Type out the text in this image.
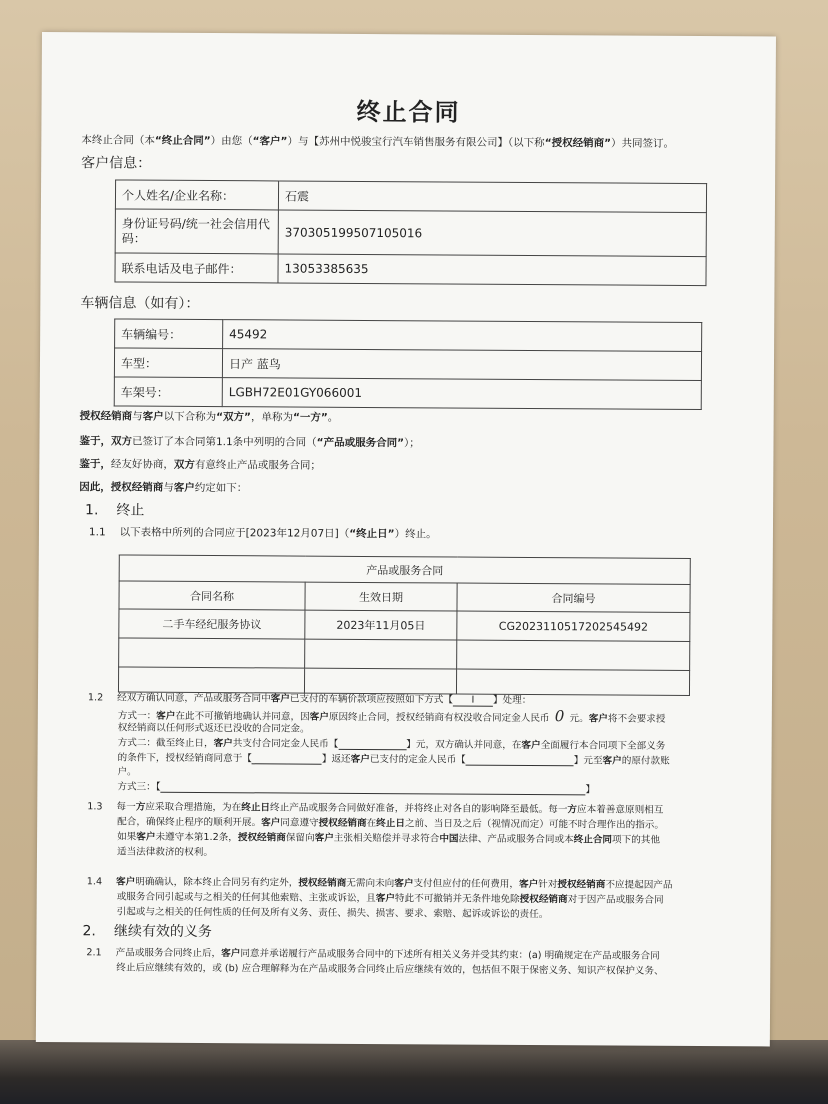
终止合同
本终止合同（本“终止合同”）由您（“客户”）与【苏州中悦骏宝行汽车销售服务有限公司】（以下称“授权经销商”）共同签订。
客户信息：
个人姓名/企业名称：	石震
身份证号码/统一社会信用代码：	370305199507105016
联系电话及电子邮件：	13053385635
车辆信息（如有）：
车辆编号：	45492
车型：	日产 蓝鸟
车架号：	LGBH72E01GY066001
授权经销商与客户以下合称为“双方”，单称为“一方”。
鉴于，双方已签订了本合同第1.1条中列明的合同（“产品或服务合同”）；
鉴于，经友好协商，双方有意终止产品或服务合同；
因此，授权经销商与客户约定如下：
1. 终止
1.1 以下表格中所列的合同应于[2023年12月07日]（“终止日”）终止。
产品或服务合同		
合同名称	生效日期	合同编号
二手车经纪服务协议	2023年11月05日	CG2023110517202545492

1.2 经双方确认同意，产品或服务合同中客户已支付的车辆价款项应按照如下方式【 I 】处理：
方式一：客户在此不可撤销地确认并同意，因客户原因终止合同，授权经销商有权没收合同定金人民币 0 元。客户将不会要求授
权经销商以任何形式返还已没收的合同定金。
方式二：截至终止日，客户共支付合同定金人民币【	】元，双方确认并同意，在客户全面履行本合同项下全部义务
的条件下，授权经销商同意于【	】返还客户已支付的定金人民币【	】元至客户的原付款账
户。
方式三：【	】
1.3 每一方应采取合理措施，为在终止日终止产品或服务合同做好准备，并将终止对各自的影响降至最低。每一方应本着善意原则相互
配合，确保终止程序的顺利开展。客户同意遵守授权经销商在终止日之前、当日及之后（视情况而定）可能不时合理作出的指示。
如果客户未遵守本第1.2条，授权经销商保留向客户主张相关赔偿并寻求符合中国法律、产品或服务合同或本终止合同项下的其他
适当法律救济的权利。
1.4 客户明确确认，除本终止合同另有约定外，授权经销商无需向未向客户支付但应付的任何费用，客户针对授权经销商不应提起因产品
或服务合同引起或与之相关的任何其他索赔、主张或诉讼，且客户特此不可撤销并无条件地免除授权经销商对于因产品或服务合同
引起或与之相关的任何性质的任何及所有义务、责任、损失、损害、要求、索赔、起诉或诉讼的责任。
2. 继续有效的义务
2.1 产品或服务合同终止后，客户同意并承诺履行产品或服务合同中的下述所有相关义务并受其约束：(a) 明确规定在产品或服务合同
终止后应继续有效的，或 (b) 应合理解释为在产品或服务合同终止后应继续有效的，包括但不限于保密义务、知识产权保护义务、
